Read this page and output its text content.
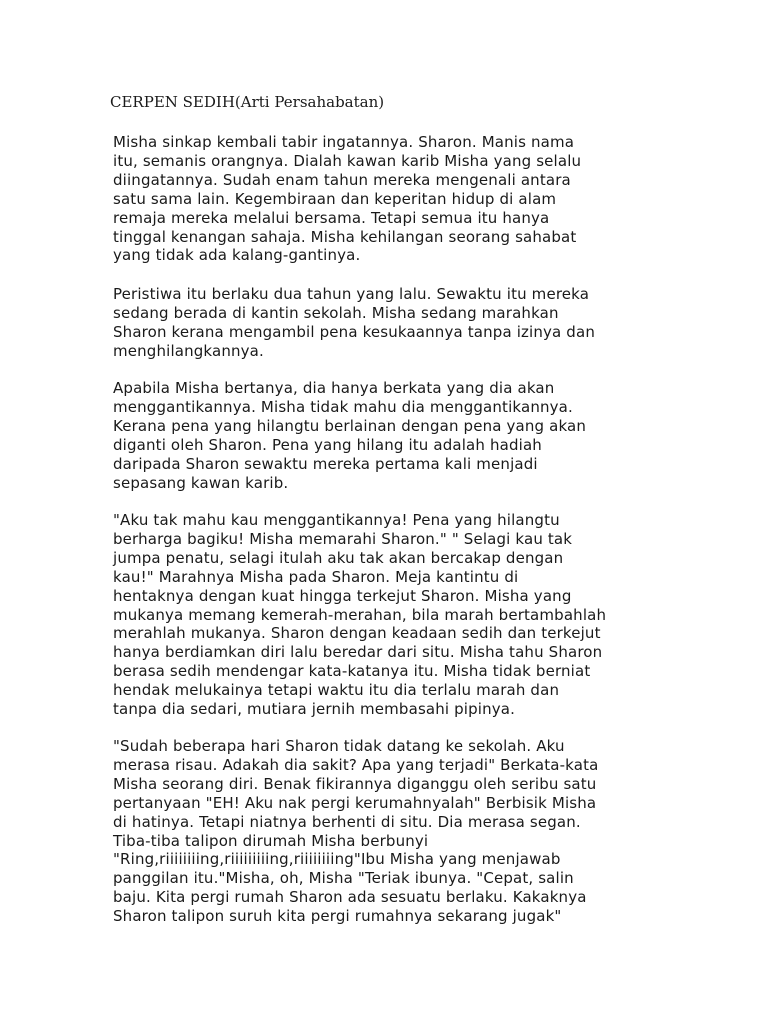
CERPEN SEDIH(Arti Persahabatan)
Misha sinkap kembali tabir ingatannya. Sharon. Manis nama
itu, semanis orangnya. Dialah kawan karib Misha yang selalu
diingatannya. Sudah enam tahun mereka mengenali antara
satu sama lain. Kegembiraan dan keperitan hidup di alam
remaja mereka melalui bersama. Tetapi semua itu hanya
tinggal kenangan sahaja. Misha kehilangan seorang sahabat
yang tidak ada kalang-gantinya.
Peristiwa itu berlaku dua tahun yang lalu. Sewaktu itu mereka
sedang berada di kantin sekolah. Misha sedang marahkan
Sharon kerana mengambil pena kesukaannya tanpa izinya dan
menghilangkannya.
Apabila Misha bertanya, dia hanya berkata yang dia akan
menggantikannya. Misha tidak mahu dia menggantikannya.
Kerana pena yang hilangtu berlainan dengan pena yang akan
diganti oleh Sharon. Pena yang hilang itu adalah hadiah
daripada Sharon sewaktu mereka pertama kali menjadi
sepasang kawan karib.
"Aku tak mahu kau menggantikannya! Pena yang hilangtu
berharga bagiku! Misha memarahi Sharon." " Selagi kau tak
jumpa penatu, selagi itulah aku tak akan bercakap dengan
kau!" Marahnya Misha pada Sharon. Meja kantintu di
hentaknya dengan kuat hingga terkejut Sharon. Misha yang
mukanya memang kemerah-merahan, bila marah bertambahlah
merahlah mukanya. Sharon dengan keadaan sedih dan terkejut
hanya berdiamkan diri lalu beredar dari situ. Misha tahu Sharon
berasa sedih mendengar kata-katanya itu. Misha tidak berniat
hendak melukainya tetapi waktu itu dia terlalu marah dan
tanpa dia sedari, mutiara jernih membasahi pipinya.
"Sudah beberapa hari Sharon tidak datang ke sekolah. Aku
merasa risau. Adakah dia sakit? Apa yang terjadi" Berkata-kata
Misha seorang diri. Benak fikirannya diganggu oleh seribu satu
pertanyaan "EH! Aku nak pergi kerumahnyalah" Berbisik Misha
di hatinya. Tetapi niatnya berhenti di situ. Dia merasa segan.
Tiba-tiba talipon dirumah Misha berbunyi
"Ring,riiiiiiiing,riiiiiiiiing,riiiiiiiing"Ibu Misha yang menjawab
panggilan itu."Misha, oh, Misha "Teriak ibunya. "Cepat, salin
baju. Kita pergi rumah Sharon ada sesuatu berlaku. Kakaknya
Sharon talipon suruh kita pergi rumahnya sekarang jugak"
